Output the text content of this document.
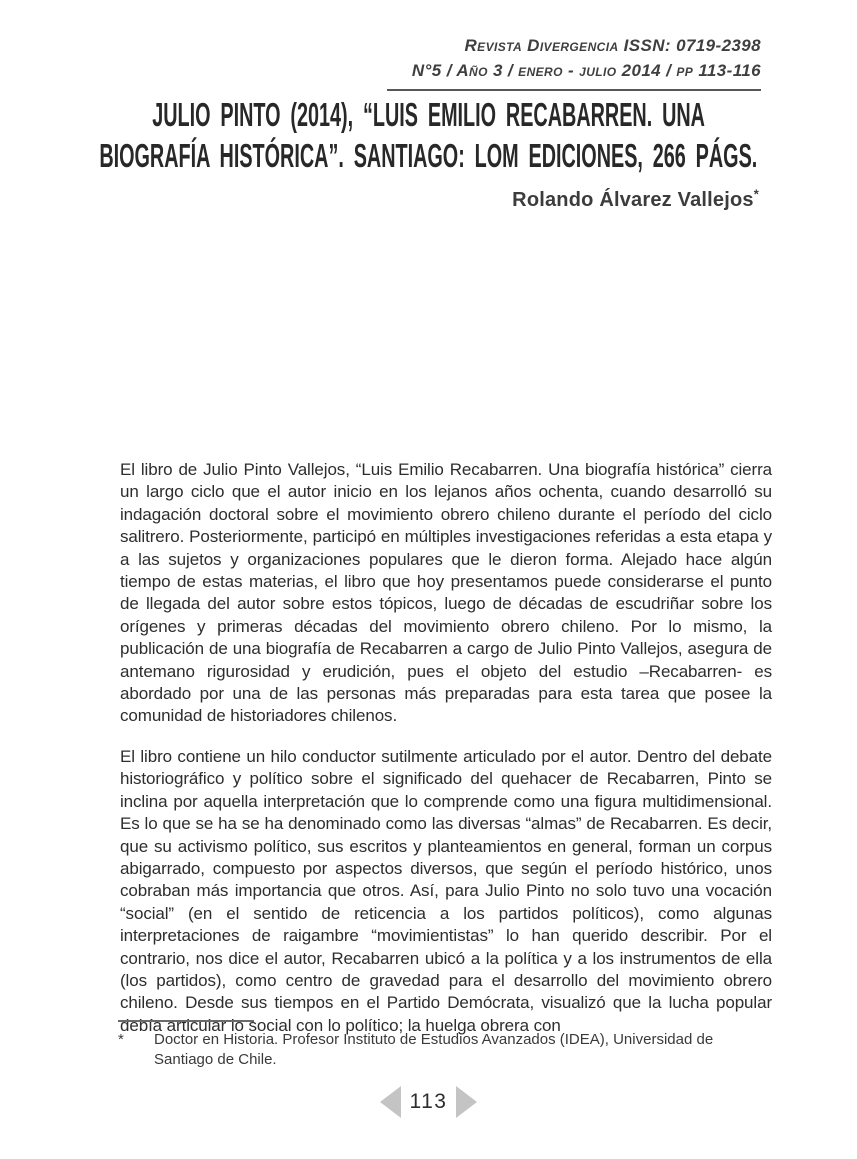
Revista Divergencia ISSN: 0719-2398
N°5 / Año 3 / enero - julio 2014 / pp 113-116
JULIO PINTO (2014), “LUIS EMILIO RECABARREN. UNA
BIOGRAFÍA HISTÓRICA”. SANTIAGO: LOM EDICIONES, 266 PÁGS.
Rolando Álvarez Vallejos*

El libro de Julio Pinto Vallejos, “Luis Emilio Recabarren. Una biografía histórica” cierra un largo ciclo que el autor inicio en los lejanos años ochenta, cuando desarrolló su indagación doctoral sobre el movimiento obrero chileno durante el período del ciclo salitrero. Posteriormente, participó en múltiples investigaciones referidas a esta etapa y a las sujetos y organizaciones populares que le dieron forma. Alejado hace algún tiempo de estas materias, el libro que hoy presentamos puede considerarse el punto de llegada del autor sobre estos tópicos, luego de décadas de escudriñar sobre los orígenes y primeras décadas del movimiento obrero chileno. Por lo mismo, la publicación de una biografía de Recabarren a cargo de Julio Pinto Vallejos, asegura de antemano rigurosidad y erudición, pues el objeto del estudio –Recabarren- es abordado por una de las personas más preparadas para esta tarea que posee la comunidad de historiadores chilenos.

El libro contiene un hilo conductor sutilmente articulado por el autor. Dentro del debate historiográfico y político sobre el significado del quehacer de Recabarren, Pinto se inclina por aquella interpretación que lo comprende como una figura multidimensional. Es lo que se ha se ha denominado como las diversas “almas” de Recabarren. Es decir, que su activismo político, sus escritos y planteamientos en general, forman un corpus abigarrado, compuesto por aspectos diversos, que según el período histórico, unos cobraban más importancia que otros. Así, para Julio Pinto no solo tuvo una vocación “social” (en el sentido de reticencia a los partidos políticos), como algunas interpretaciones de raigambre “movimientistas” lo han querido describir. Por el contrario, nos dice el autor, Recabarren ubicó a la política y a los instrumentos de ella (los partidos), como centro de gravedad para el desarrollo del movimiento obrero chileno. Desde sus tiempos en el Partido Demócrata, visualizó que la lucha popular debía articular lo social con lo político; la huelga obrera con

*	Doctor en Historia. Profesor Instituto de Estudios Avanzados (IDEA), Universidad de Santiago de Chile.
113
